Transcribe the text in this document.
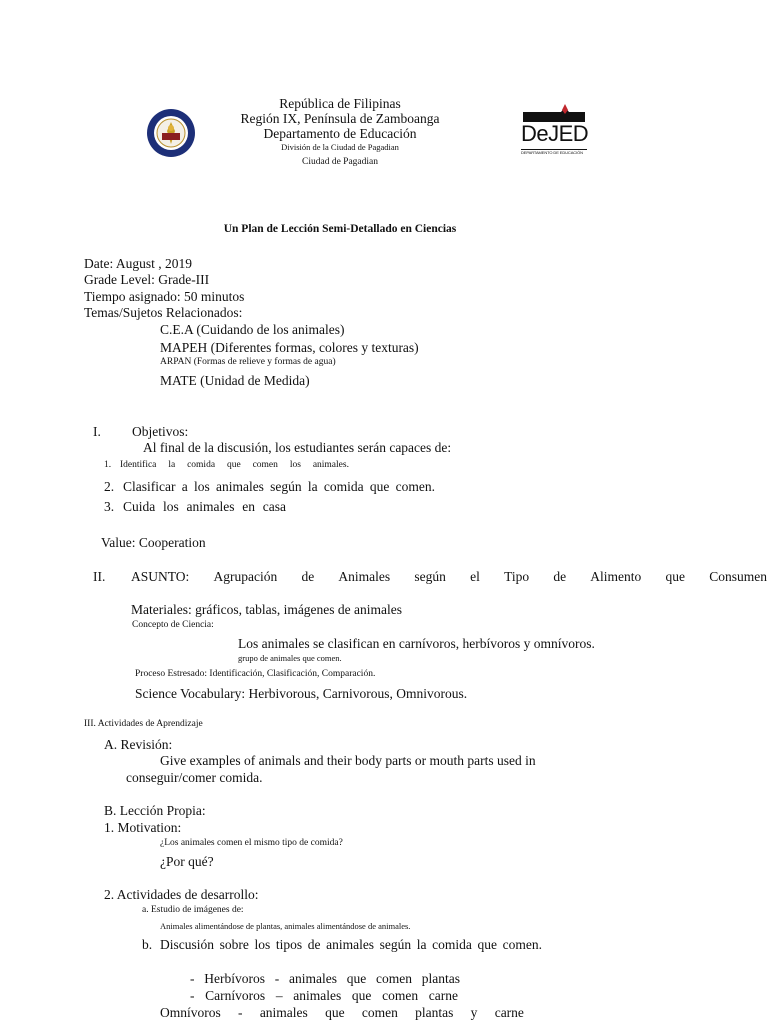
República de Filipinas
Región IX, Península de Zamboanga
Departamento de Educación
División de la Ciudad de Pagadian
Ciudad de Pagadian
DeJED
DEPARTAMENTO DE EDUCACIÓN
Un Plan de Lección Semi-Detallado en Ciencias
Date: August , 2019
Grade Level: Grade-III
Tiempo asignado: 50 minutos
Temas/Sujetos Relacionados:
C.E.A (Cuidando de los animales)
MAPEH (Diferentes formas, colores y texturas)
ARPAN (Formas de relieve y formas de agua)
MATE (Unidad de Medida)
I. Objetivos:
Al final de la discusión, los estudiantes serán capaces de:
1. Identifica la comida que comen los animales.
2. Clasificar a los animales según la comida que comen.
3. Cuida los animales en casa
Value: Cooperation
II. ASUNTO: Agrupación de Animales según el Tipo de Alimento que Consumen
Materiales: gráficos, tablas, imágenes de animales
Concepto de Ciencia:
Los animales se clasifican en carnívoros, herbívoros y omnívoros.
grupo de animales que comen.
Proceso Estresado: Identificación, Clasificación, Comparación.
Science Vocabulary: Herbivorous, Carnivorous, Omnivorous.
III. Actividades de Aprendizaje
A. Revisión:
Give examples of animals and their body parts or mouth parts used in
conseguir/comer comida.
B. Lección Propia:
1. Motivation:
¿Los animales comen el mismo tipo de comida?
¿Por qué?
2. Actividades de desarrollo:
a. Estudio de imágenes de:
Animales alimentándose de plantas, animales alimentándose de animales.
b. Discusión sobre los tipos de animales según la comida que comen.
- Herbívoros - animales que comen plantas
- Carnívoros – animales que comen carne
Omnívoros - animales que comen plantas y carne
